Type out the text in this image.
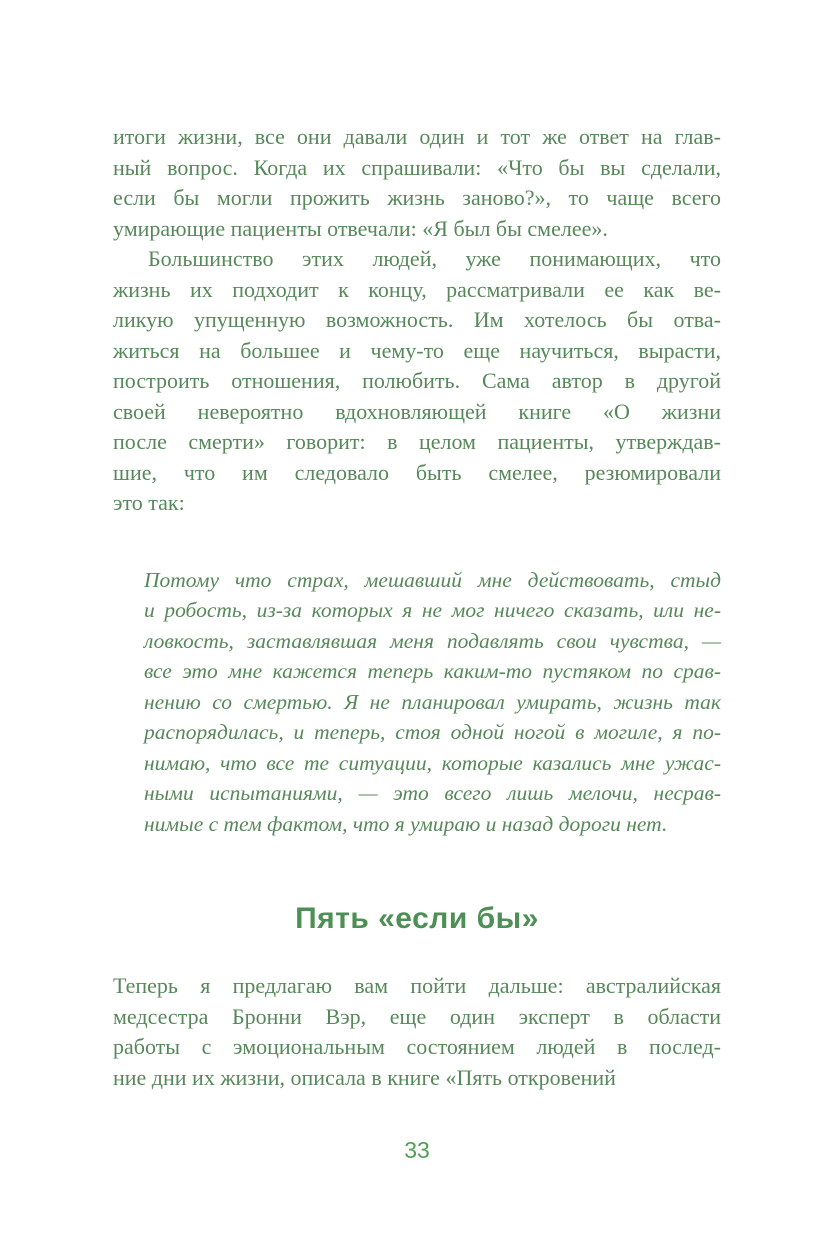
итоги жизни, все они давали один и тот же ответ на глав-
ный вопрос. Когда их спрашивали: «Что бы вы сделали,
если бы могли прожить жизнь заново?», то чаще всего
умирающие пациенты отвечали: «Я был бы смелее».

Большинство этих людей, уже понимающих, что
жизнь их подходит к концу, рассматривали ее как ве-
ликую упущенную возможность. Им хотелось бы отва-
житься на большее и чему-то еще научиться, вырасти,
построить отношения, полюбить. Сама автор в другой
своей невероятно вдохновляющей книге «О жизни
после смерти» говорит: в целом пациенты, утверждав-
шие, что им следовало быть смелее, резюмировали
это так:

Потому что страх, мешавший мне действовать, стыд
и робость, из-за которых я не мог ничего сказать, или не-
ловкость, заставлявшая меня подавлять свои чувства, —
все это мне кажется теперь каким-то пустяком по срав-
нению со смертью. Я не планировал умирать, жизнь так
распорядилась, и теперь, стоя одной ногой в могиле, я по-
нимаю, что все те ситуации, которые казались мне ужас-
ными испытаниями, — это всего лишь мелочи, несрав-
нимые с тем фактом, что я умираю и назад дороги нет.
Пять «если бы»

Теперь я предлагаю вам пойти дальше: австралийская
медсестра Бронни Вэр, еще один эксперт в области
работы с эмоциональным состоянием людей в послед-
ние дни их жизни, описала в книге «Пять откровений

33
